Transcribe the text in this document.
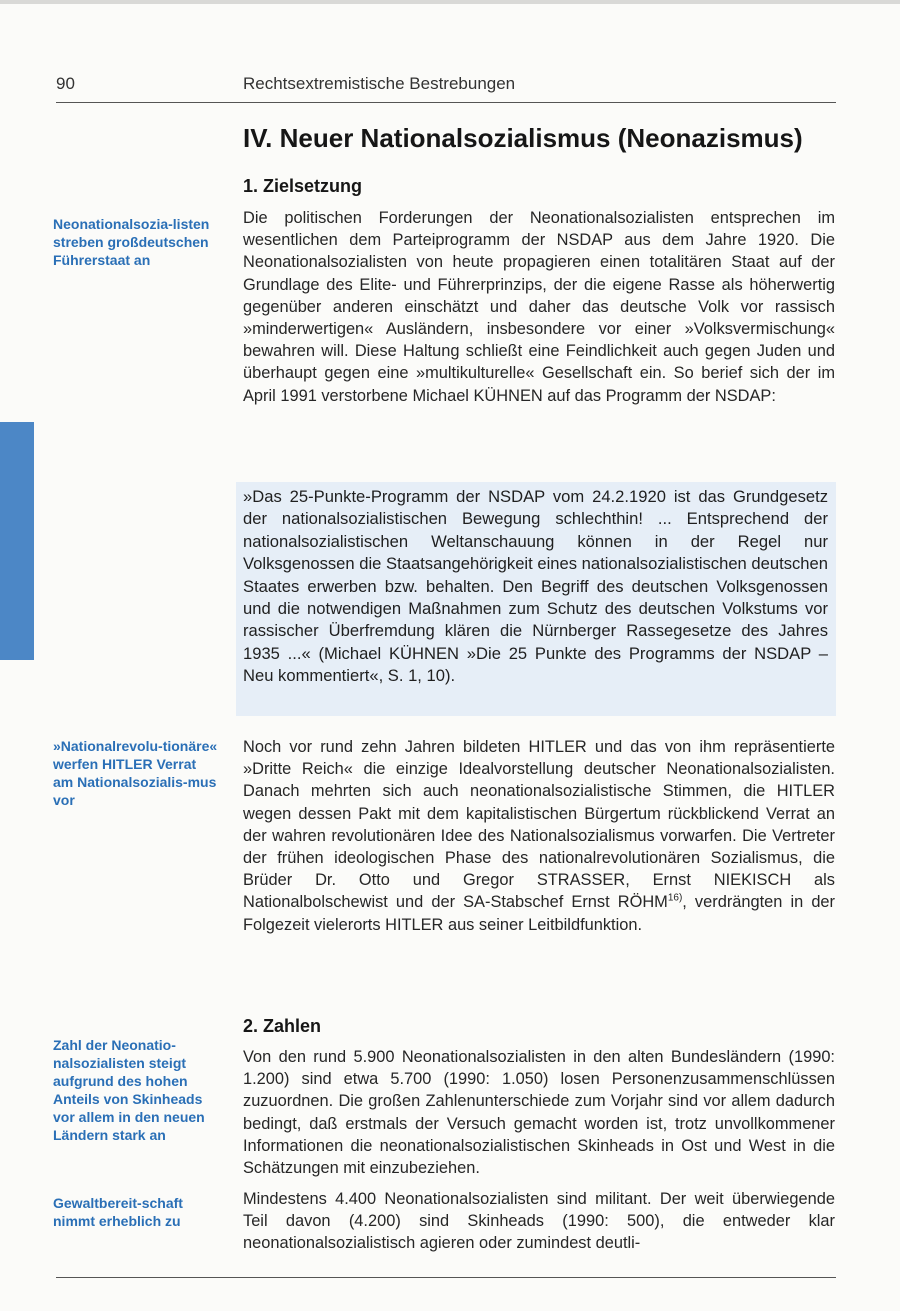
90	Rechtsextremistische Bestrebungen
Neonationalsozia-listen streben großdeutschen Führerstaat an
»Nationalrevolu-tionäre« werfen HITLER Verrat am Nationalsozialis-mus vor
Zahl der Neonatio-nalsozialisten steigt aufgrund des hohen Anteils von Skinheads vor allem in den neuen Ländern stark an
Gewaltbereit-schaft nimmt erheblich zu
IV. Neuer Nationalsozialismus (Neonazismus)
1. Zielsetzung
Die politischen Forderungen der Neonationalsozialisten entsprechen im wesentlichen dem Parteiprogramm der NSDAP aus dem Jahre 1920. Die Neonationalsozialisten von heute propagieren einen totalitären Staat auf der Grundlage des Elite- und Führerprinzips, der die eigene Rasse als höherwertig gegenüber anderen einschätzt und daher das deutsche Volk vor rassisch »minderwertigen« Ausländern, insbesondere vor einer »Volksvermischung« bewahren will. Diese Haltung schließt eine Feindlichkeit auch gegen Juden und überhaupt gegen eine »multikulturelle« Gesellschaft ein. So berief sich der im April 1991 verstorbene Michael KÜHNEN auf das Programm der NSDAP:
»Das 25-Punkte-Programm der NSDAP vom 24.2.1920 ist das Grundgesetz der nationalsozialistischen Bewegung schlechthin! ... Entsprechend der nationalsozialistischen Weltanschauung können in der Regel nur Volksgenossen die Staatsangehörigkeit eines nationalsozialistischen deutschen Staates erwerben bzw. behalten. Den Begriff des deutschen Volksgenossen und die notwendigen Maßnahmen zum Schutz des deutschen Volkstums vor rassischer Überfremdung klären die Nürnberger Rassegesetze des Jahres 1935 ...« (Michael KÜHNEN »Die 25 Punkte des Programms der NSDAP – Neu kommentiert«, S. 1, 10).
Noch vor rund zehn Jahren bildeten HITLER und das von ihm repräsentierte »Dritte Reich« die einzige Idealvorstellung deutscher Neonationalsozialisten. Danach mehrten sich auch neonationalsozialistische Stimmen, die HITLER wegen dessen Pakt mit dem kapitalistischen Bürgertum rückblickend Verrat an der wahren revolutionären Idee des Nationalsozialismus vorwarfen. Die Vertreter der frühen ideologischen Phase des nationalrevolutionären Sozialismus, die Brüder Dr. Otto und Gregor STRASSER, Ernst NIEKISCH als Nationalbolschewist und der SA-Stabschef Ernst RÖHM$^{16)}$, verdrängten in der Folgezeit vielerorts HITLER aus seiner Leitbildfunktion.
2. Zahlen
Von den rund 5.900 Neonationalsozialisten in den alten Bundesländern (1990: 1.200) sind etwa 5.700 (1990: 1.050) losen Personenzusammenschlüssen zuzuordnen. Die großen Zahlenunterschiede zum Vorjahr sind vor allem dadurch bedingt, daß erstmals der Versuch gemacht worden ist, trotz unvollkommener Informationen die neonationalsozialistischen Skinheads in Ost und West in die Schätzungen mit einzubeziehen.
Mindestens 4.400 Neonationalsozialisten sind militant. Der weit überwiegende Teil davon (4.200) sind Skinheads (1990: 500), die entweder klar neonationalsozialistisch agieren oder zumindest deutli-
